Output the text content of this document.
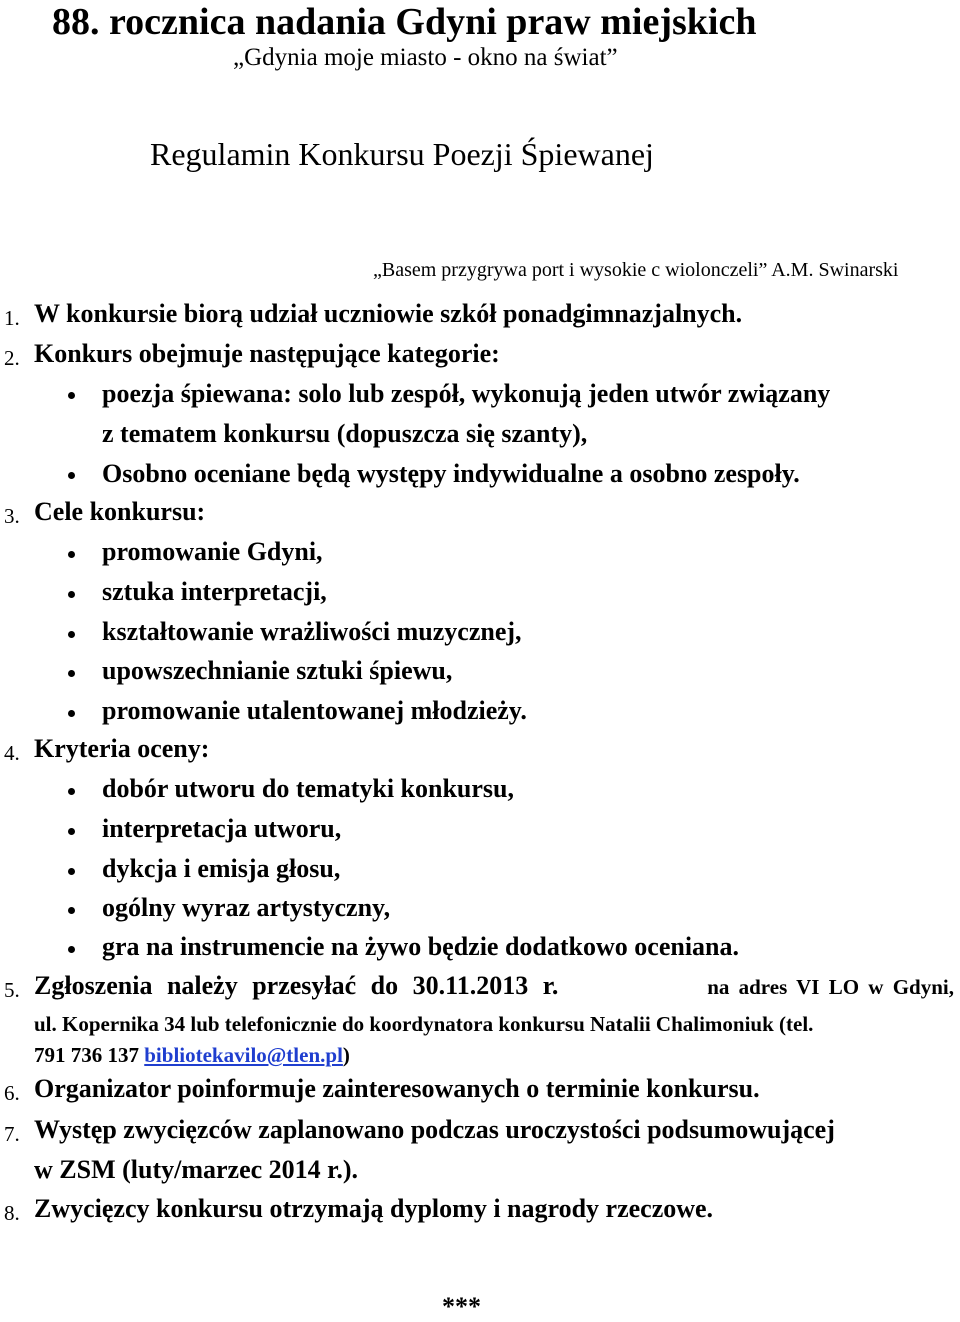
88. rocznica nadania Gdyni praw miejskich
„Gdynia moje miasto - okno na świat”
Regulamin Konkursu Poezji Śpiewanej
„Basem przygrywa port i wysokie c wiolonczeli” A.M. Swinarski
1. W konkursie biorą udział uczniowie szkół ponadgimnazjalnych.
2. Konkurs obejmuje następujące kategorie:
poezja śpiewana: solo lub zespół, wykonują jeden utwór związany
z tematem konkursu (dopuszcza się szanty),
Osobno oceniane będą występy indywidualne a osobno zespoły.
3. Cele konkursu:
promowanie Gdyni,
sztuka interpretacji,
kształtowanie wrażliwości muzycznej,
upowszechnianie sztuki śpiewu,
promowanie utalentowanej młodzieży.
4. Kryteria oceny:
dobór utworu do tematyki konkursu,
interpretacja utworu,
dykcja i emisja głosu,
ogólny wyraz artystyczny,
gra na instrumencie na żywo będzie dodatkowo oceniana.
5. Zgłoszenia należy przesyłać do 30.11.2013 r.	na adres VI LO w Gdyni,
ul. Kopernika 34 lub telefonicznie do koordynatora konkursu Natalii Chalimoniuk (tel.
791 736 137 bibliotekavilo@tlen.pl)
6. Organizator poinformuje zainteresowanych o terminie konkursu.
7. Występ zwycięzców zaplanowano podczas uroczystości podsumowującej
w ZSM (luty/marzec 2014 r.).
8. Zwycięzcy konkursu otrzymają dyplomy i nagrody rzeczowe.
***
